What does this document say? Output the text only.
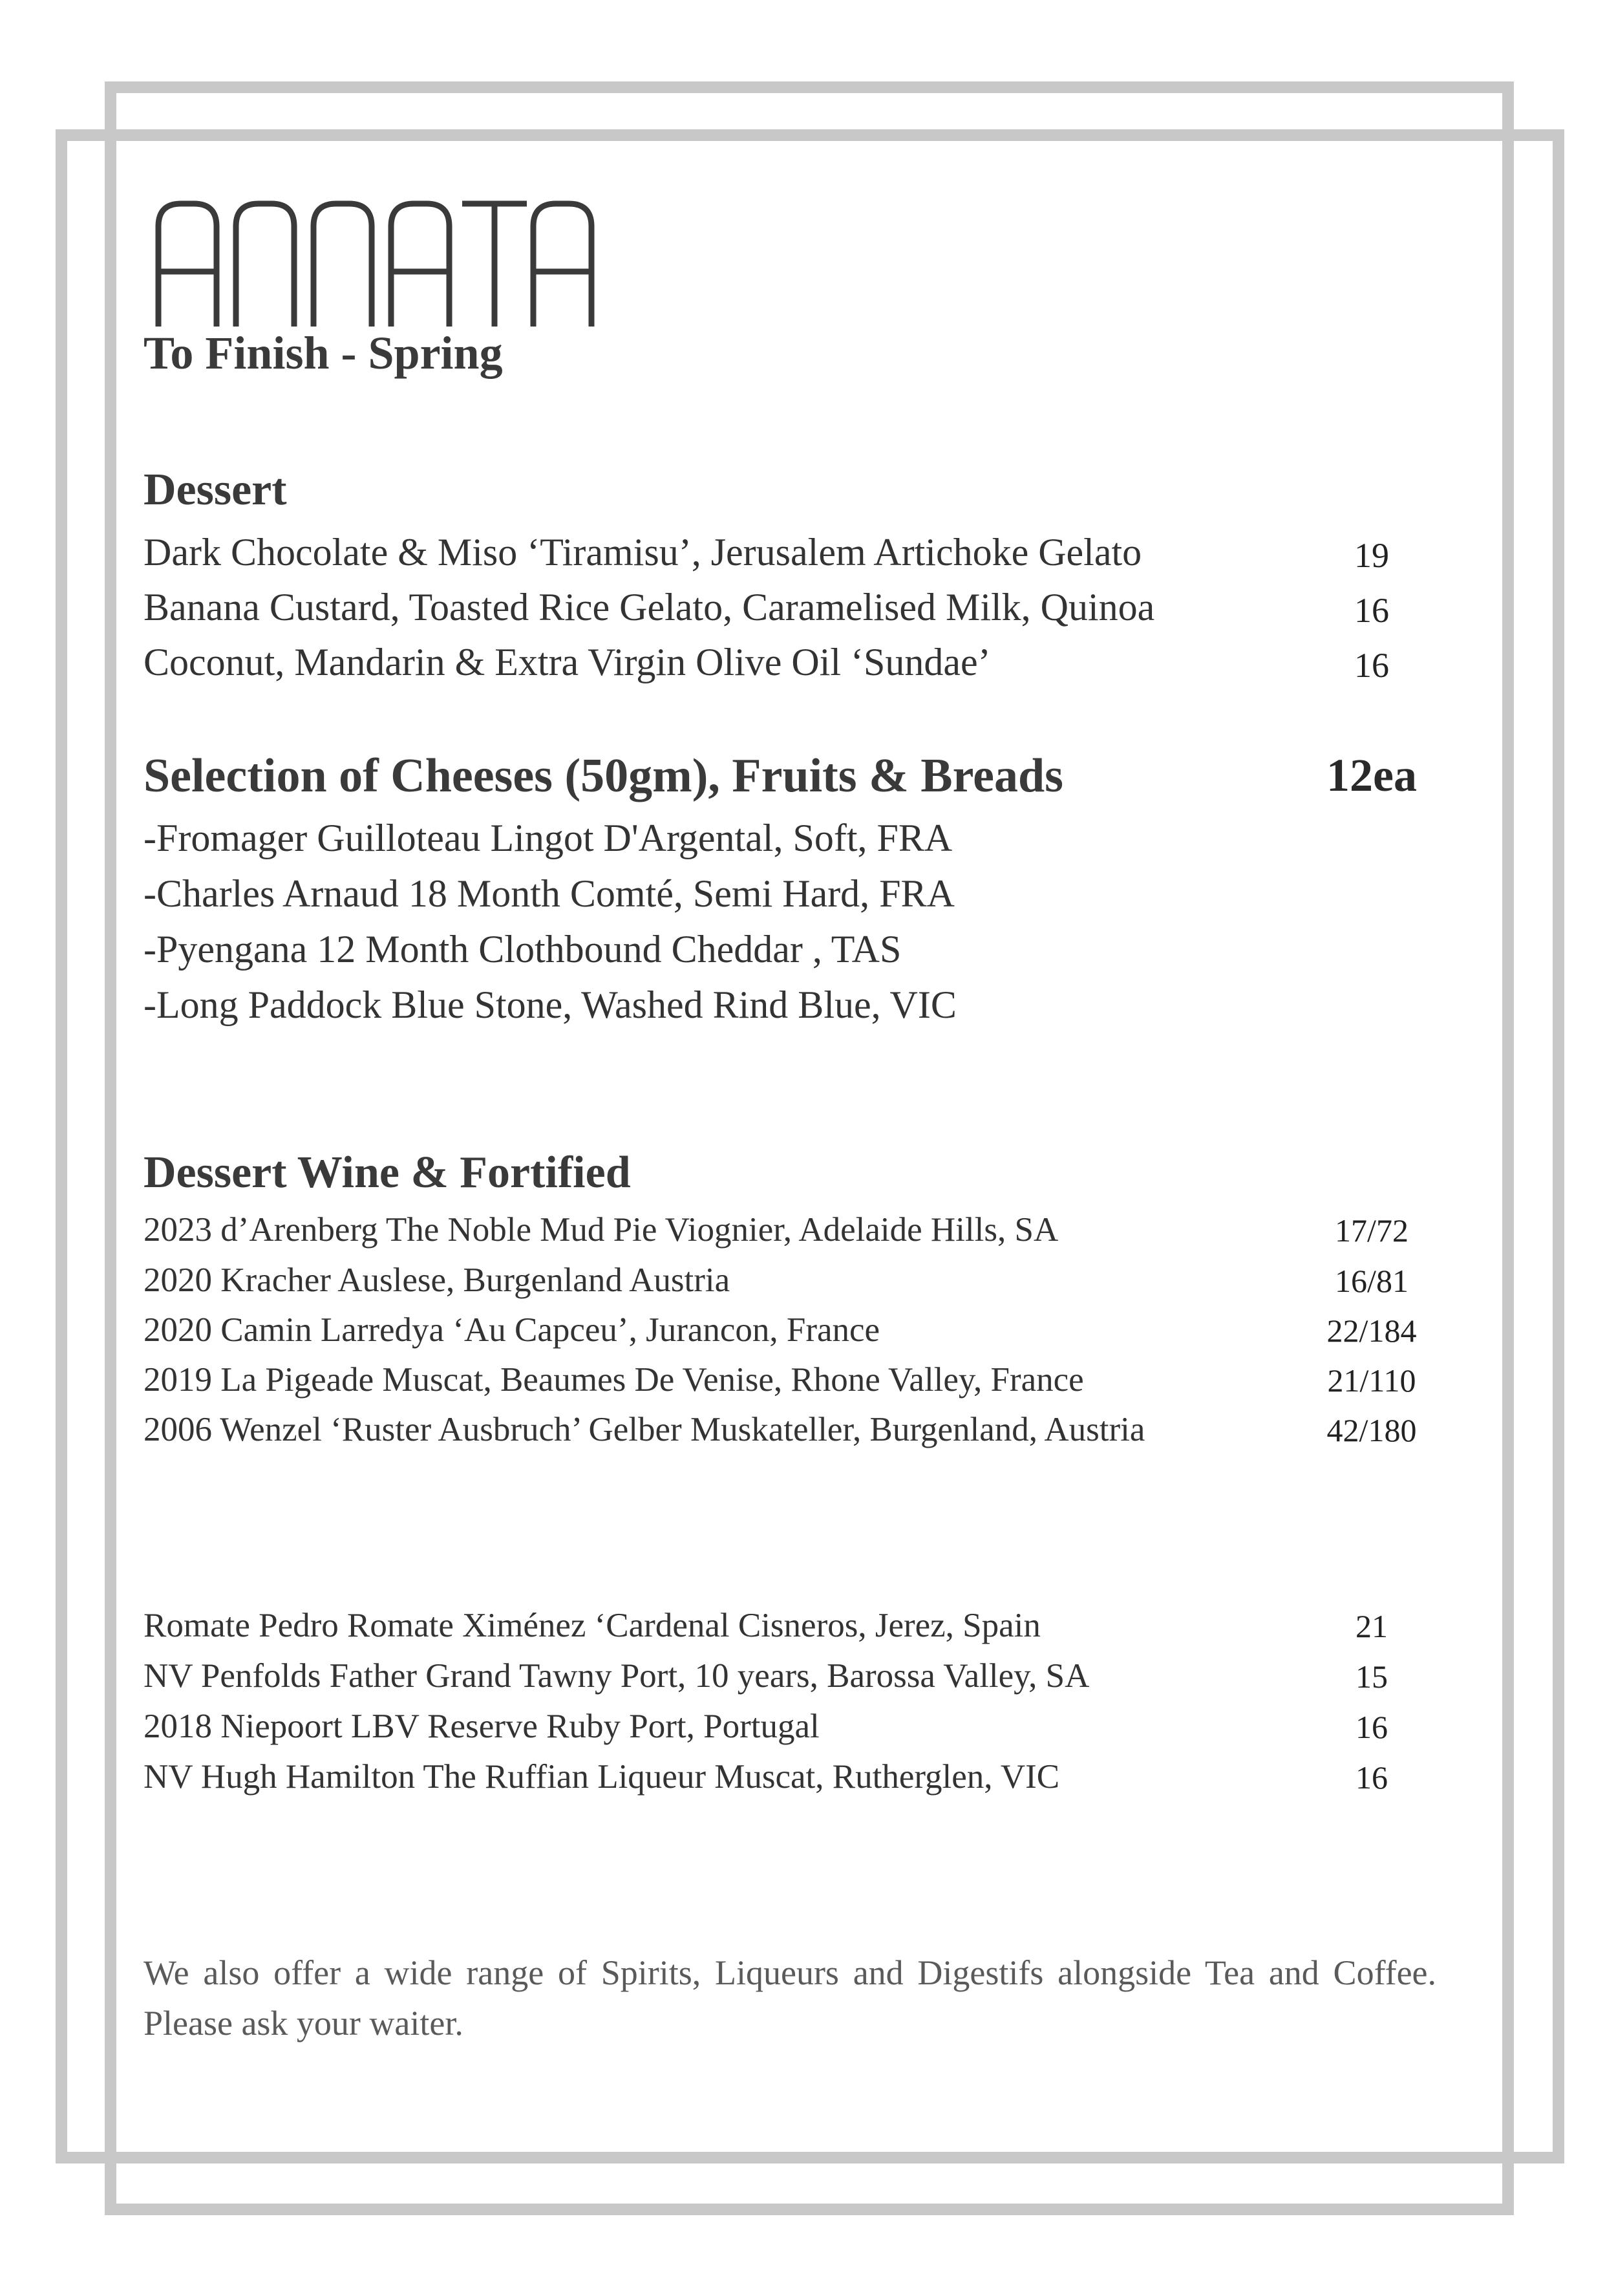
To Finish - Spring
Dessert
Dark Chocolate & Miso ‘Tiramisu’, Jerusalem Artichoke Gelato	19
Banana Custard, Toasted Rice Gelato, Caramelised Milk, Quinoa	16
Coconut, Mandarin & Extra Virgin Olive Oil ‘Sundae’	16
Selection of Cheeses (50gm), Fruits & Breads	12ea
-Fromager Guilloteau Lingot D'Argental, Soft, FRA
-Charles Arnaud 18 Month Comté, Semi Hard, FRA
-Pyengana 12 Month Clothbound Cheddar , TAS
-Long Paddock Blue Stone, Washed Rind Blue, VIC
Dessert Wine & Fortified
2023 d’Arenberg The Noble Mud Pie Viognier, Adelaide Hills, SA	17/72
2020 Kracher Auslese, Burgenland Austria	16/81
2020 Camin Larredya ‘Au Capceu’, Jurancon, France	22/184
2019 La Pigeade Muscat, Beaumes De Venise, Rhone Valley, France	21/110
2006 Wenzel ‘Ruster Ausbruch’ Gelber Muskateller, Burgenland, Austria	42/180
Romate Pedro Romate Ximénez ‘Cardenal Cisneros, Jerez, Spain	21
NV Penfolds Father Grand Tawny Port, 10 years, Barossa Valley, SA	15
2018 Niepoort LBV Reserve Ruby Port, Portugal	16
NV Hugh Hamilton The Ruffian Liqueur Muscat, Rutherglen, VIC	16
We also offer a wide range of Spirits, Liqueurs and Digestifs alongside Tea and Coffee. Please ask your waiter.
